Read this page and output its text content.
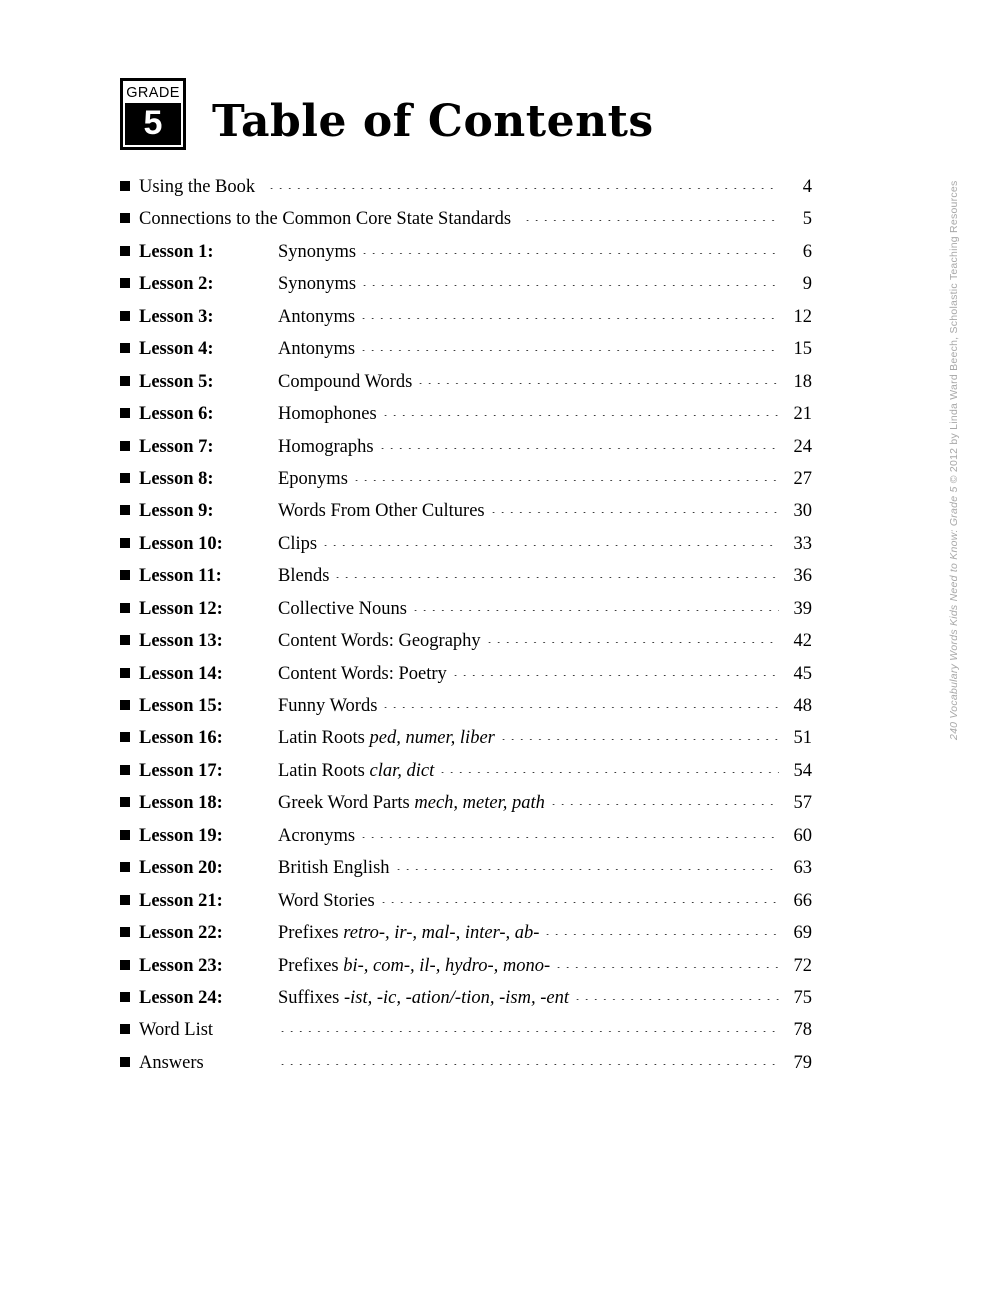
GRADE
5	Table of Contents
Using the Book	4
Connections to the Common Core State Standards	5
Lesson 1:	Synonyms	6
Lesson 2:	Synonyms	9
Lesson 3:	Antonyms	12
Lesson 4:	Antonyms	15
Lesson 5:	Compound Words	18
Lesson 6:	Homophones	21
Lesson 7:	Homographs	24
Lesson 8:	Eponyms	27
Lesson 9:	Words From Other Cultures	30
Lesson 10:	Clips	33
Lesson 11:	Blends	36
Lesson 12:	Collective Nouns	39
Lesson 13:	Content Words: Geography	42
Lesson 14:	Content Words: Poetry	45
Lesson 15:	Funny Words	48
Lesson 16:	Latin Roots ped, numer, liber	51
Lesson 17:	Latin Roots clar, dict	54
Lesson 18:	Greek Word Parts mech, meter, path	57
Lesson 19:	Acronyms	60
Lesson 20:	British English	63
Lesson 21:	Word Stories	66
Lesson 22:	Prefixes retro-, ir-, mal-, inter-, ab-	69
Lesson 23:	Prefixes bi-, com-, il-, hydro-, mono-	72
Lesson 24:	Suffixes -ist, -ic, -ation/-tion, -ism, -ent	75
Word List	78
Answers	79
240 Vocabulary Words Kids Need to Know: Grade 5 © 2012 by Linda Ward Beech, Scholastic Teaching Resources
